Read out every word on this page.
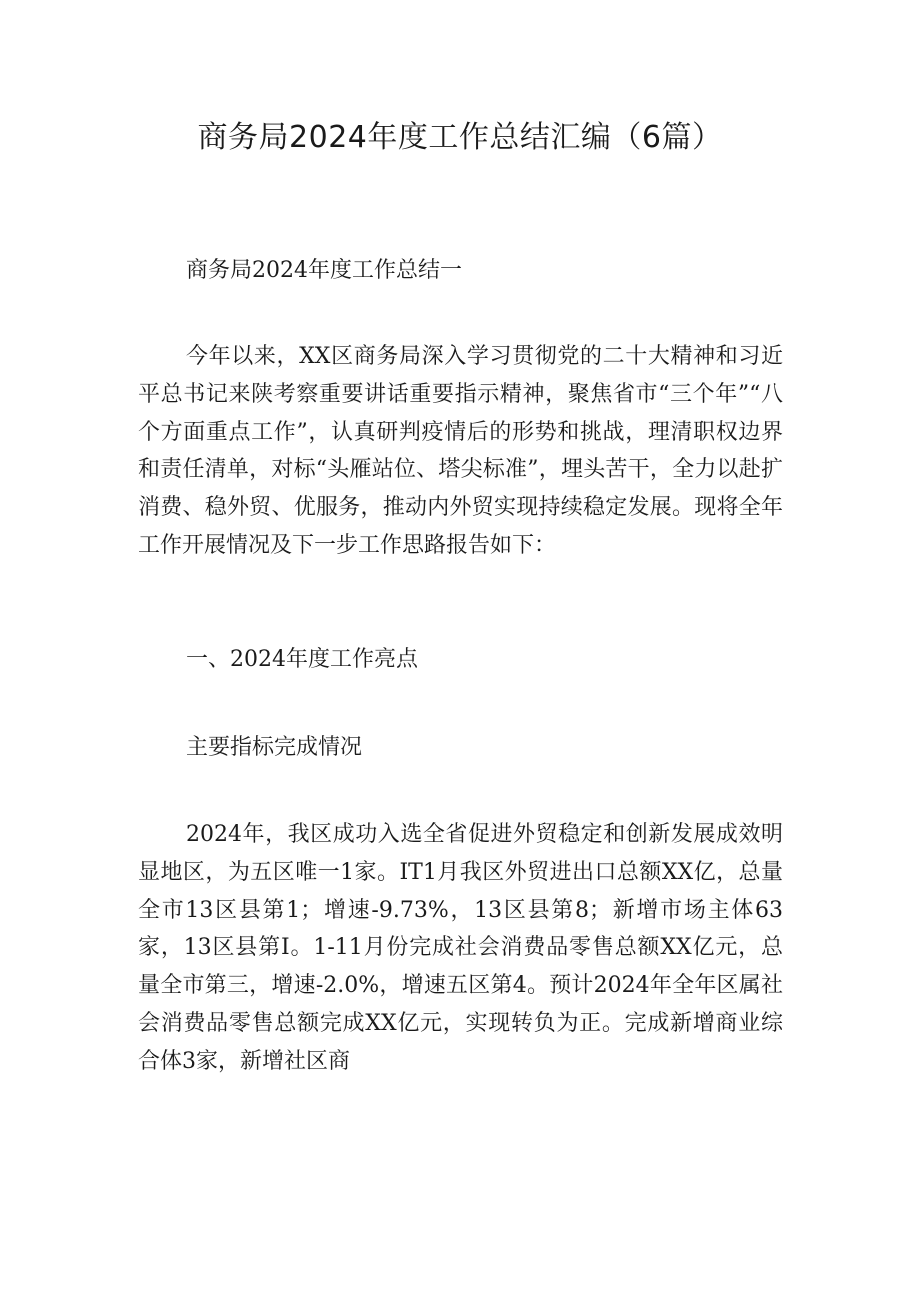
商务局2024年度工作总结汇编（6篇）

商务局2024年度工作总结一

今年以来，XX区商务局深入学习贯彻党的二十大精神和习近平总书记来陕考察重要讲话重要指示精神，聚焦省市“三个年”“八个方面重点工作”，认真研判疫情后的形势和挑战，理清职权边界和责任清单，对标“头雁站位、塔尖标准”，埋头苦干，全力以赴扩消费、稳外贸、优服务，推动内外贸实现持续稳定发展。现将全年工作开展情况及下一步工作思路报告如下：

一、2024年度工作亮点

主要指标完成情况

2024年，我区成功入选全省促进外贸稳定和创新发展成效明显地区，为五区唯一1家。IT1月我区外贸进出口总额XX亿，总量全市13区县第1；增速-9.73%，13区县第8；新增市场主体63家，13区县第I。1-11月份完成社会消费品零售总额XX亿元，总量全市第三，增速-2.0%，增速五区第4。预计2024年全年区属社会消费品零售总额完成XX亿元，实现转负为正。完成新增商业综合体3家，新增社区商
